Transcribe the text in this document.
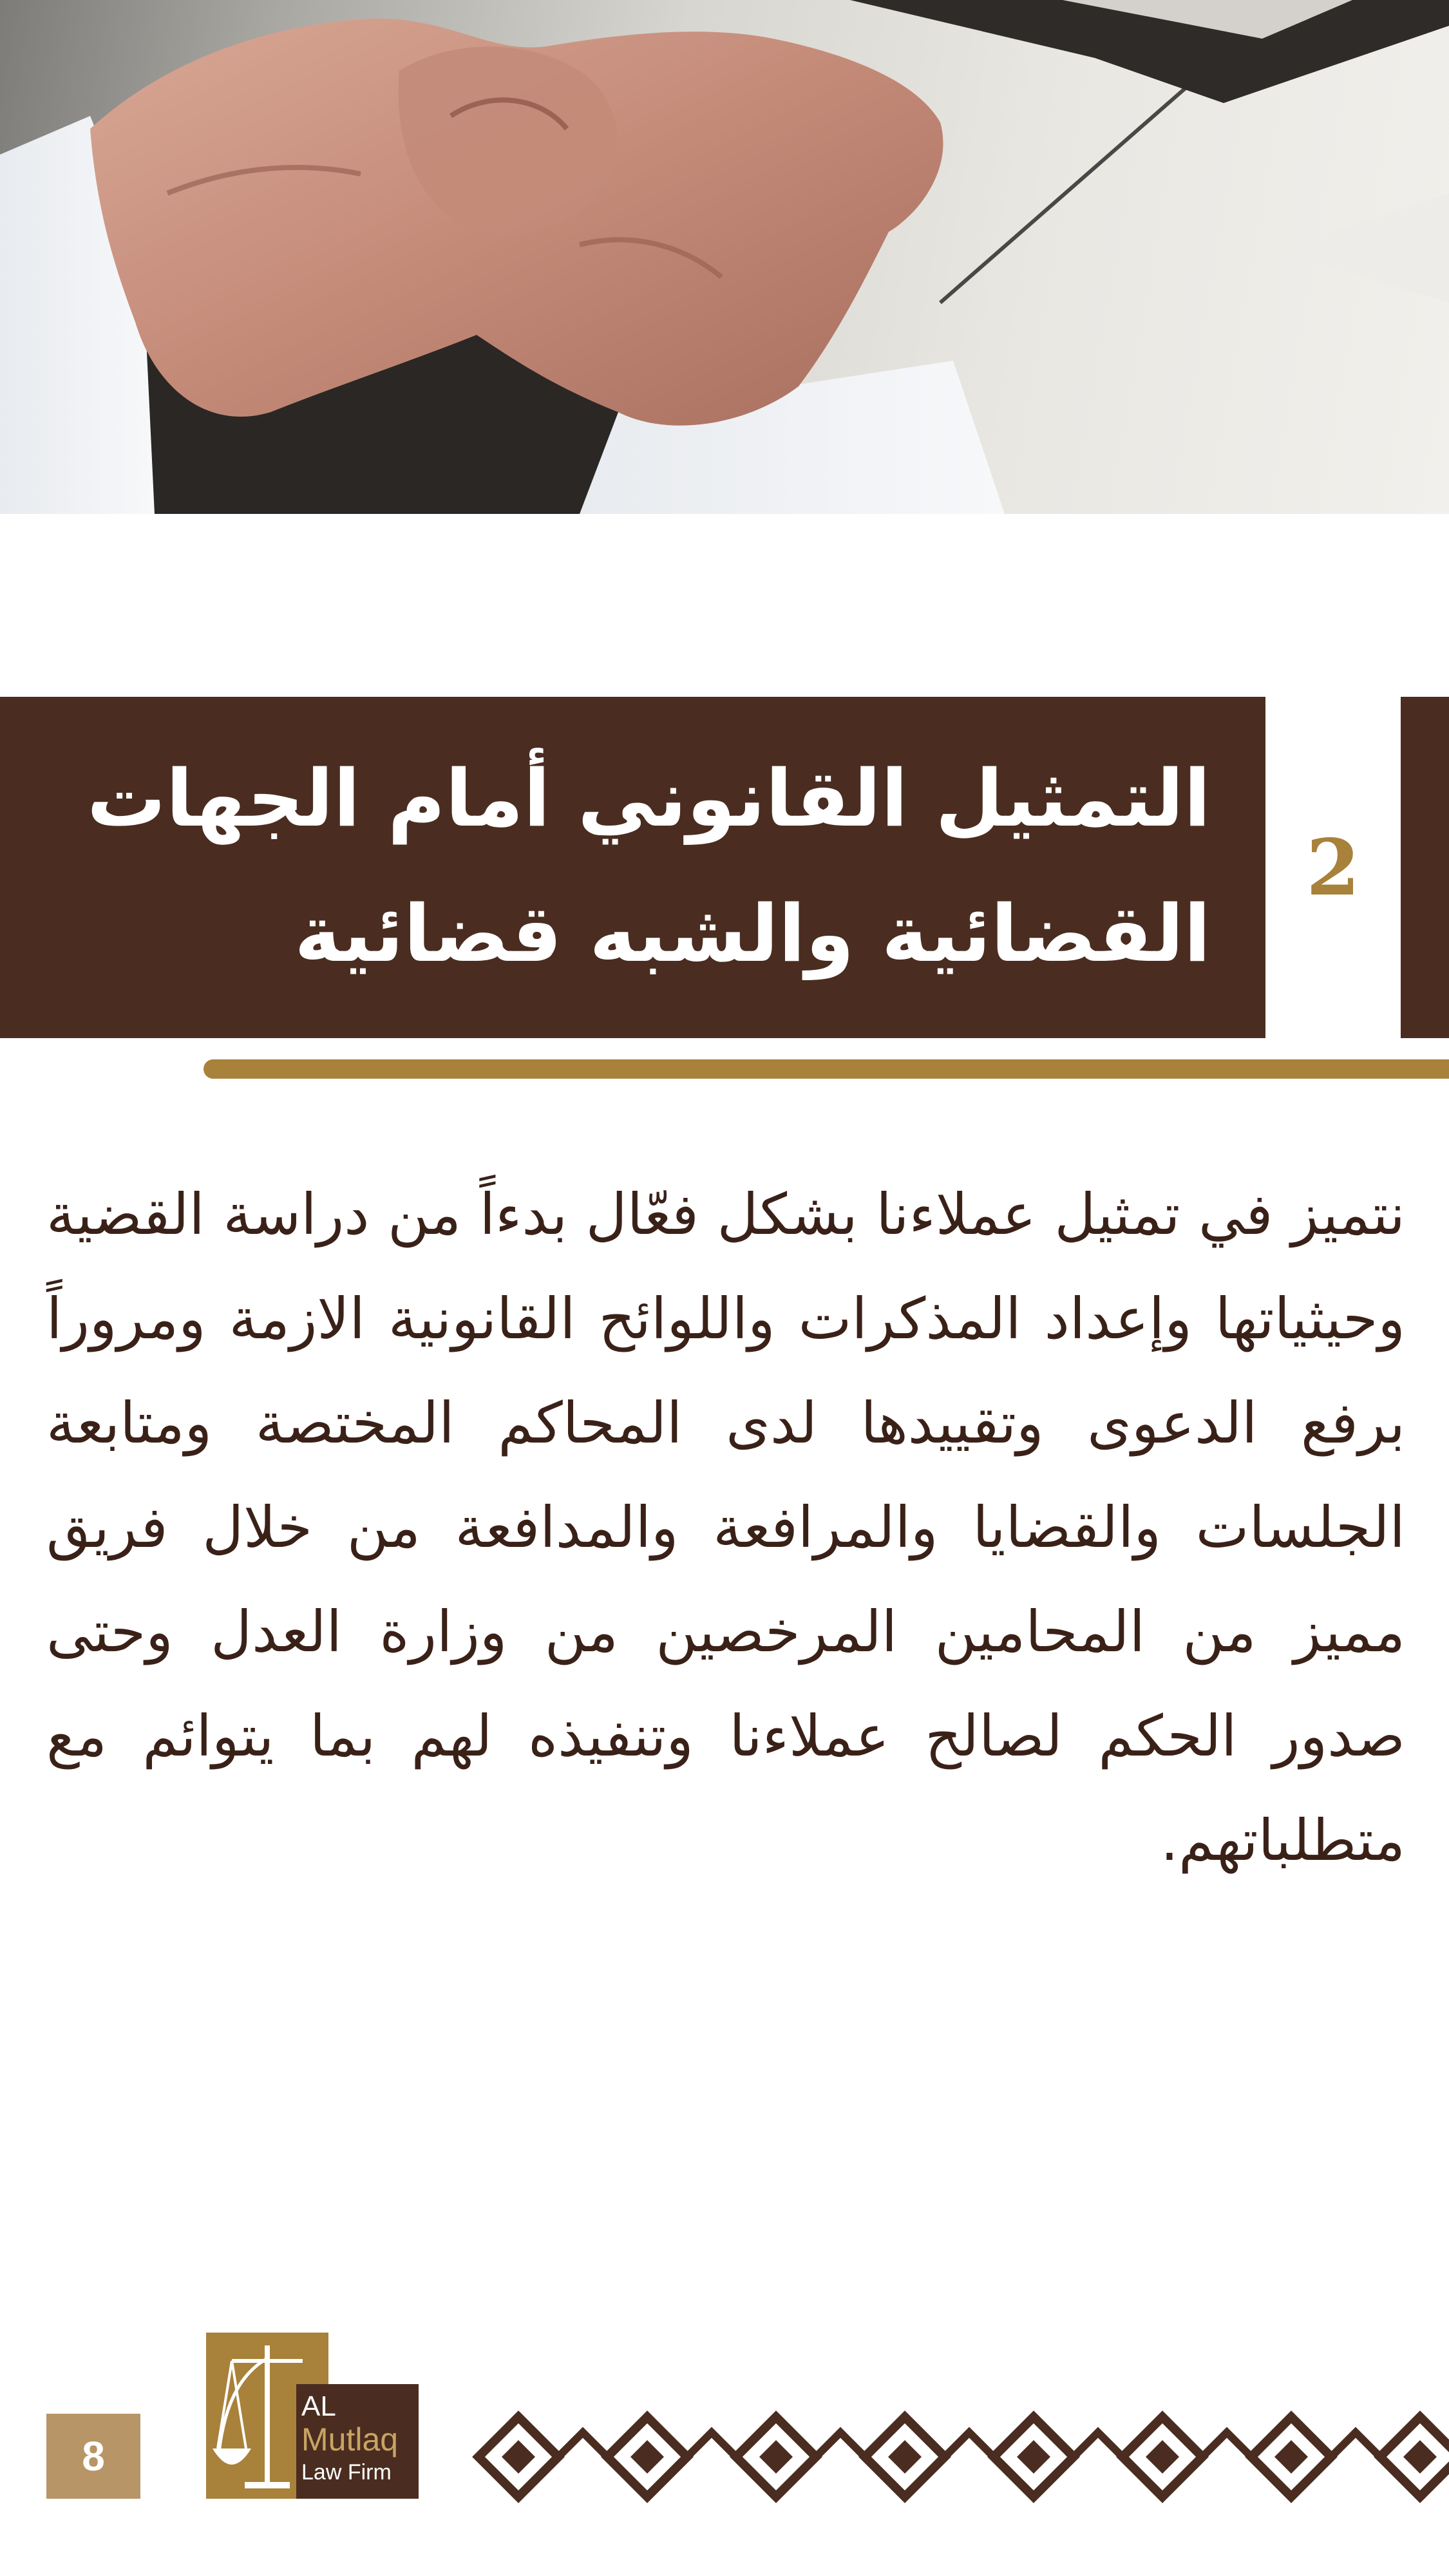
2
التمثيل القانوني أمام الجهات
القضائية والشبه قضائية
نتميز في تمثيل عملاءنا بشكل فعّال بدءاً من دراسة القضية وحيثياتها وإعداد المذكرات واللوائح القانونية الازمة ومروراً برفع الدعوى وتقييدها لدى المحاكم المختصة ومتابعة الجلسات والقضايا والمرافعة والمدافعة من خلال فريق مميز من المحامين المرخصين من وزارة العدل وحتى صدور الحكم لصالح عملاءنا وتنفيذه لهم بما يتوائم مع متطلباتهم.
8
AL
Mutlaq
Law Firm
